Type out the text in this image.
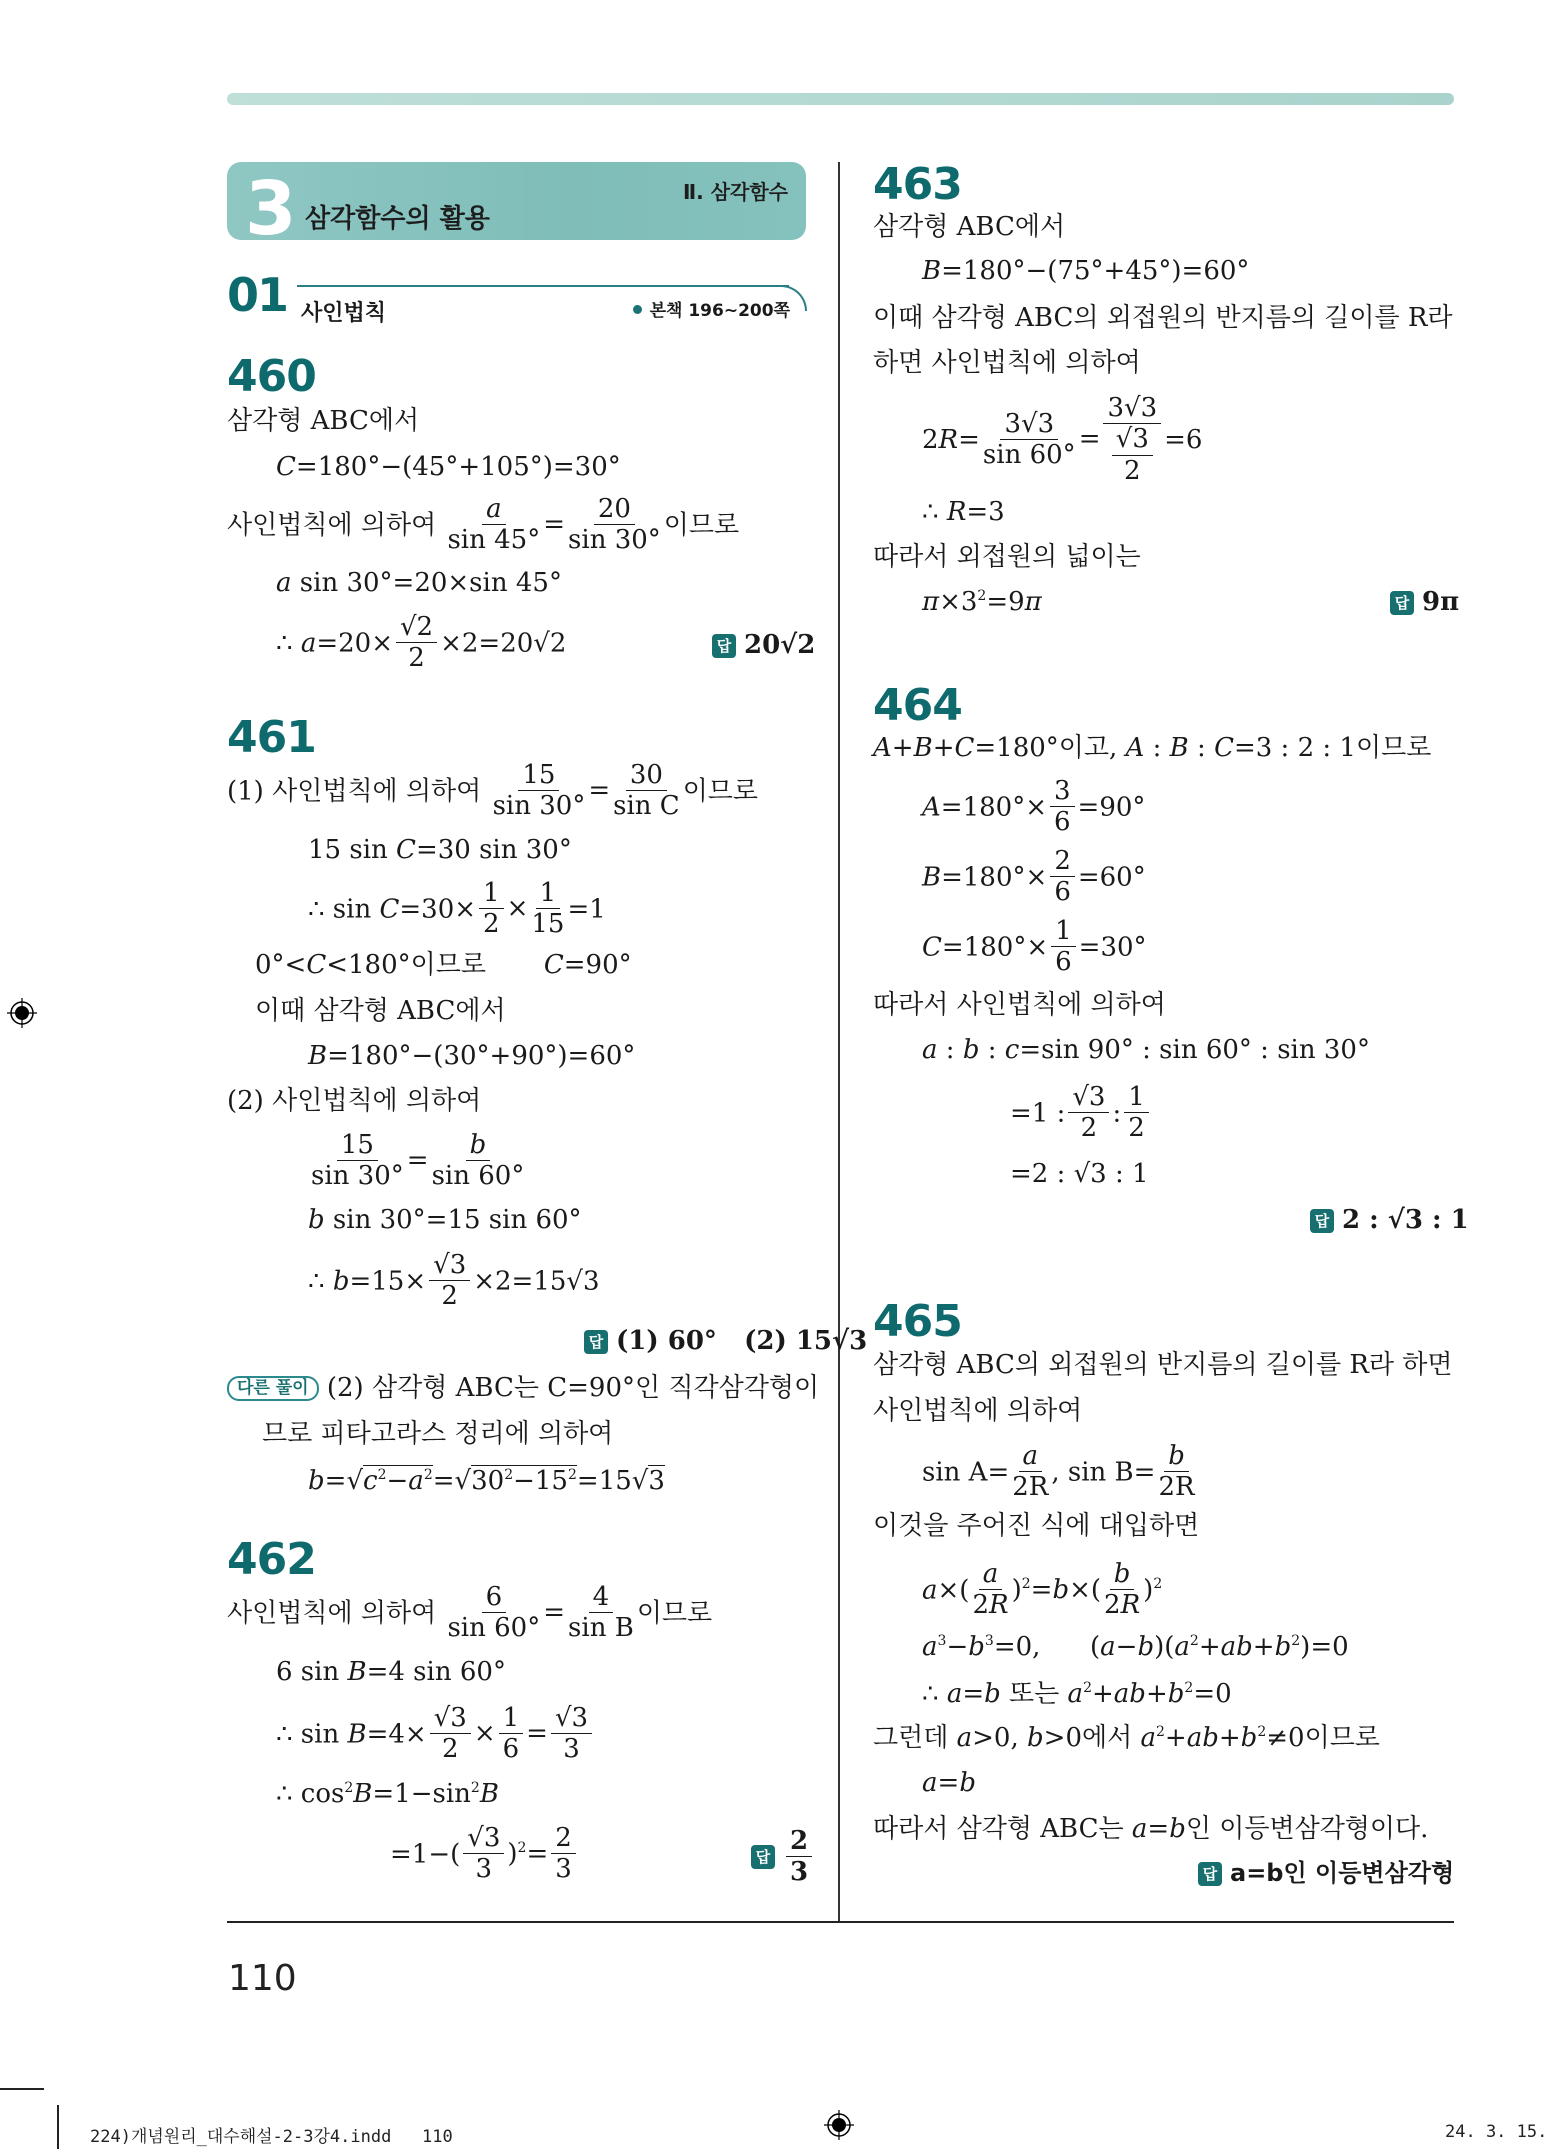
3 삼각함수의 활용
Ⅱ. 삼각함수
01 사인법칙	본책 196~200쪽
460
삼각형 ABC에서
C=180°−(45°+105°)=30°
사인법칙에 의하여 $\frac{a}{\sin 45^\circ} = \frac{20}{\sin 30^\circ}$ 이므로
a sin 30°=20×sin 45°
∴ $a=20\times \frac{√2}{2} \times 2=20√2$	답 20√2
461
(1) 사인법칙에 의하여 $\frac{15}{\sin 30^\circ} = \frac{30}{\text{sin C}}$ 이므로
15 sin C=30 sin 30°
∴ $\sin C=30\times \frac{1}{2} \times \frac{1}{15} =1$
0°<C<180°이므로       C=90°
이때 삼각형 ABC에서
B=180°−(30°+90°)=60°
(2) 사인법칙에 의하여
$\frac{15}{\sin 30^\circ} = \frac{b}{\sin 60^\circ}$
b sin 30°=15 sin 60°
∴ $b=15\times \frac{√3}{2} \times 2=15√3$
답 (1) 60° (2) 15√3
다른 풀이 (2) 삼각형 ABC는 C=90°인 직각삼각형이
므로 피타고라스 정리에 의하여
$b=√c^2-a^2=√30^2-15^2=15√3$
462
사인법칙에 의하여 $\frac{6}{\sin 60^\circ} = \frac{4}{\text{sin B}}$ 이므로
6 sin B=4 sin 60°
∴ $\sin B=4\times \frac{√3}{2} \times \frac{1}{6} = \frac{√3}{3}$
∴ $\cos^2B=1-\sin^2B$
$=1-( \frac{√3}{3} )^2= \frac{2}{3}$	답 $\frac{2}{3}$
463
삼각형 ABC에서
B=180°−(75°+45°)=60°
이때 삼각형 ABC의 외접원의 반지름의 길이를 R라
하면 사인법칙에 의하여
$2R= \frac{3√3}{\sin 60^\circ} = \frac{3√3}{\frac{√3}{2}} =6$
∴ R=3
따라서 외접원의 넓이는
$\pi\times 3^2=9\pi$	답 9π
464
A+B+C=180°이고, A : B : C=3 : 2 : 1이므로
$A=180^\circ\times \frac{3}{6} =90^\circ$
$B=180^\circ\times \frac{2}{6} =60^\circ$
$C=180^\circ\times \frac{1}{6} =30^\circ$
따라서 사인법칙에 의하여
a : b : c=sin 90° : sin 60° : sin 30°
=1 : $\frac{√3}{2}$ : $\frac{1}{2}$
=2 : √3 : 1
답 2 : √3 : 1
465
삼각형 ABC의 외접원의 반지름의 길이를 R라 하면
사인법칙에 의하여
$\sin A= \frac{a}{2R}$ , $\sin B= \frac{b}{2R}$
이것을 주어진 식에 대입하면
$a\times( \frac{a}{2R} )^2=b\times( \frac{b}{2R} )^2$
$a^3-b^3=0$,      $(a-b)(a^2+ab+b^2)=0$
∴ a=b 또는 $a^2+ab+b^2=0$
그런데 a>0, b>0에서 $a^2+ab+b^2\ne 0$이므로
a=b
따라서 삼각형 ABC는 a=b인 이등변삼각형이다.
답 a=b인 이등변삼각형
110
224)개념원리_대수해설-2-3강4.indd 110	24. 3. 15.
